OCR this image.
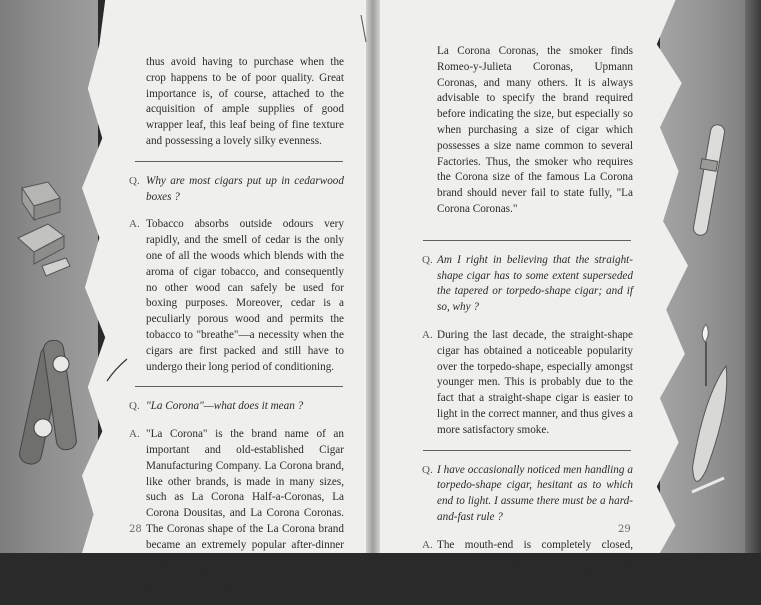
thus avoid having to purchase when the crop happens to be of poor quality. Great importance is, of course, attached to the acquisition of ample supplies of good wrapper leaf, this leaf being of fine texture and possessing a lovely silky evenness.

Q. Why are most cigars put up in cedarwood boxes ?

A. Tobacco absorbs outside odours very rapidly, and the smell of cedar is the only one of all the woods which blends with the aroma of cigar tobacco, and consequently no other wood can safely be used for boxing purposes. Moreover, cedar is a peculiarly porous wood and permits the tobacco to "breathe"—a necessity when the cigars are first packed and still have to undergo their long period of conditioning.

Q. "La Corona"—what does it mean ?

A. "La Corona" is the brand name of an important and old-established Cigar Manufacturing Company. La Corona brand, like other brands, is made in many sizes, such as La Corona Half-a-Coronas, La Corona Dousitas, and La Corona Coronas. The Coronas shape of the La Corona brand became an extremely popular after-dinner size, and the size name Coronas has been adopted as a size name by many other factories. Thus, in addition to

28

La Corona Coronas, the smoker finds Romeo-y-Julieta Coronas, Upmann Coronas, and many others. It is always advisable to specify the brand required before indicating the size, but especially so when purchasing a size of cigar which possesses a size name common to several Factories. Thus, the smoker who requires the Corona size of the famous La Corona brand should never fail to state fully, "La Corona Coronas."

Q. Am I right in believing that the straight-shape cigar has to some extent superseded the tapered or torpedo-shape cigar; and if so, why ?

A. During the last decade, the straight-shape cigar has obtained a noticeable popularity over the torpedo-shape, especially amongst younger men. This is probably due to the fact that a straight-shape cigar is easier to light in the correct manner, and thus gives a more satisfactory smoke.

Q. I have occasionally noticed men handling a torpedo-shape cigar, hesitant as to which end to light. I assume there must be a hard-and-fast rule ?

A. The mouth-end is completely closed, whereas the lighting end is slightly open, even with the most tapered shapes.

29
